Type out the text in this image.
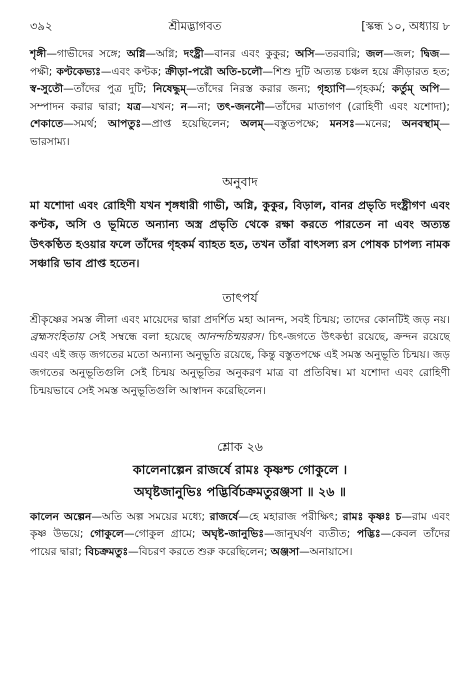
৩৯২	শ্রীমদ্ভাগবত	[স্কন্ধ ১০, অধ্যায় ৮

শৃঙ্গী—গাভীদের সঙ্গে; অগ্নি—অগ্নি; দংষ্ট্রী—বানর এবং কুকুর; অসি—তরবারি; জল—জল; দ্বিজ—পক্ষী; কণ্টকেভ্যঃ—এবং কণ্টক; ক্রীড়া-পরৌ অতি-চলৌ—শিশু দুটি অত্যন্ত চঞ্চল হয়ে ক্রীড়ারত হত; স্ব-সুতৌ—তাঁদের পুত্র দুটি; নিষেদ্ধুম্—তাঁদের নিরস্ত করার জন্য; গৃহ্যাণি—গৃহকর্ম; কর্তুম্ অপি—সম্পাদন করার দ্বারা; যত্র—যখন; ন—না; তৎ-জননৌ—তাঁদের মাতাগণ (রোহিণী এবং যশোদা); শেকাতে—সমর্থ; আপতুঃ—প্রাপ্ত হয়েছিলেন; অলম্—বস্তুতপক্ষে; মনসঃ—মনের; অনবস্থাম্—ভারসাম্য।

অনুবাদ

মা যশোদা এবং রোহিণী যখন শৃঙ্গধারী গাভী, অগ্নি, কুকুর, বিড়াল, বানর প্রভৃতি দংষ্ট্রীগণ এবং কণ্টক, অসি ও ভূমিতে অন্যান্য অস্ত্র প্রভৃতি থেকে রক্ষা করতে পারতেন না এবং অত্যন্ত উৎকণ্ঠিত হওয়ার ফলে তাঁদের গৃহকর্ম ব্যাহত হত, তখন তাঁরা বাৎসল্য রস পোষক চাপল্য নামক সঞ্চারি ভাব প্রাপ্ত হতেন।

তাৎপর্য

শ্রীকৃষ্ণের সমস্ত লীলা এবং মায়েদের দ্বারা প্রদর্শিত মহা আনন্দ, সবই চিন্ময়; তাদের কোনটিই জড় নয়। ব্রহ্মসংহিতায় সেই সম্বন্ধে বলা হয়েছে আনন্দচিন্ময়রস। চিৎ-জগতে উৎকণ্ঠা রয়েছে, ক্রন্দন রয়েছে এবং এই জড় জগতের মতো অন্যান্য অনুভূতি রয়েছে, কিন্তু বস্তুতপক্ষে এই সমস্ত অনুভূতি চিন্ময়। জড় জগতের অনুভূতিগুলি সেই চিন্ময় অনুভূতির অনুকরণ মাত্র বা প্রতিবিম্ব। মা যশোদা এবং রোহিণী চিন্ময়ভাবে সেই সমস্ত অনুভূতিগুলি আস্বাদন করেছিলেন।

শ্লোক ২৬
কালেনাল্পেন রাজর্ষে রামঃ কৃষ্ণশ্চ গোকুলে ।
অঘৃষ্টজানুভিঃ পদ্ভির্বিচক্রমতুরঞ্জসা ॥ ২৬ ॥

কালেন অল্পেন—অতি অল্প সময়ের মধ্যে; রাজর্ষে—হে মহারাজ পরীক্ষিৎ; রামঃ কৃষ্ণঃ চ—রাম এবং কৃষ্ণ উভয়ে; গোকুলে—গোকুল গ্রামে; অঘৃষ্ট-জানুভিঃ—জানুঘর্ষণ ব্যতীত; পদ্ভিঃ—কেবল তাঁদের পায়ের দ্বারা; বিচক্রমতুঃ—বিচরণ করতে শুরু করেছিলেন; অঞ্জসা—অনায়াসে।
